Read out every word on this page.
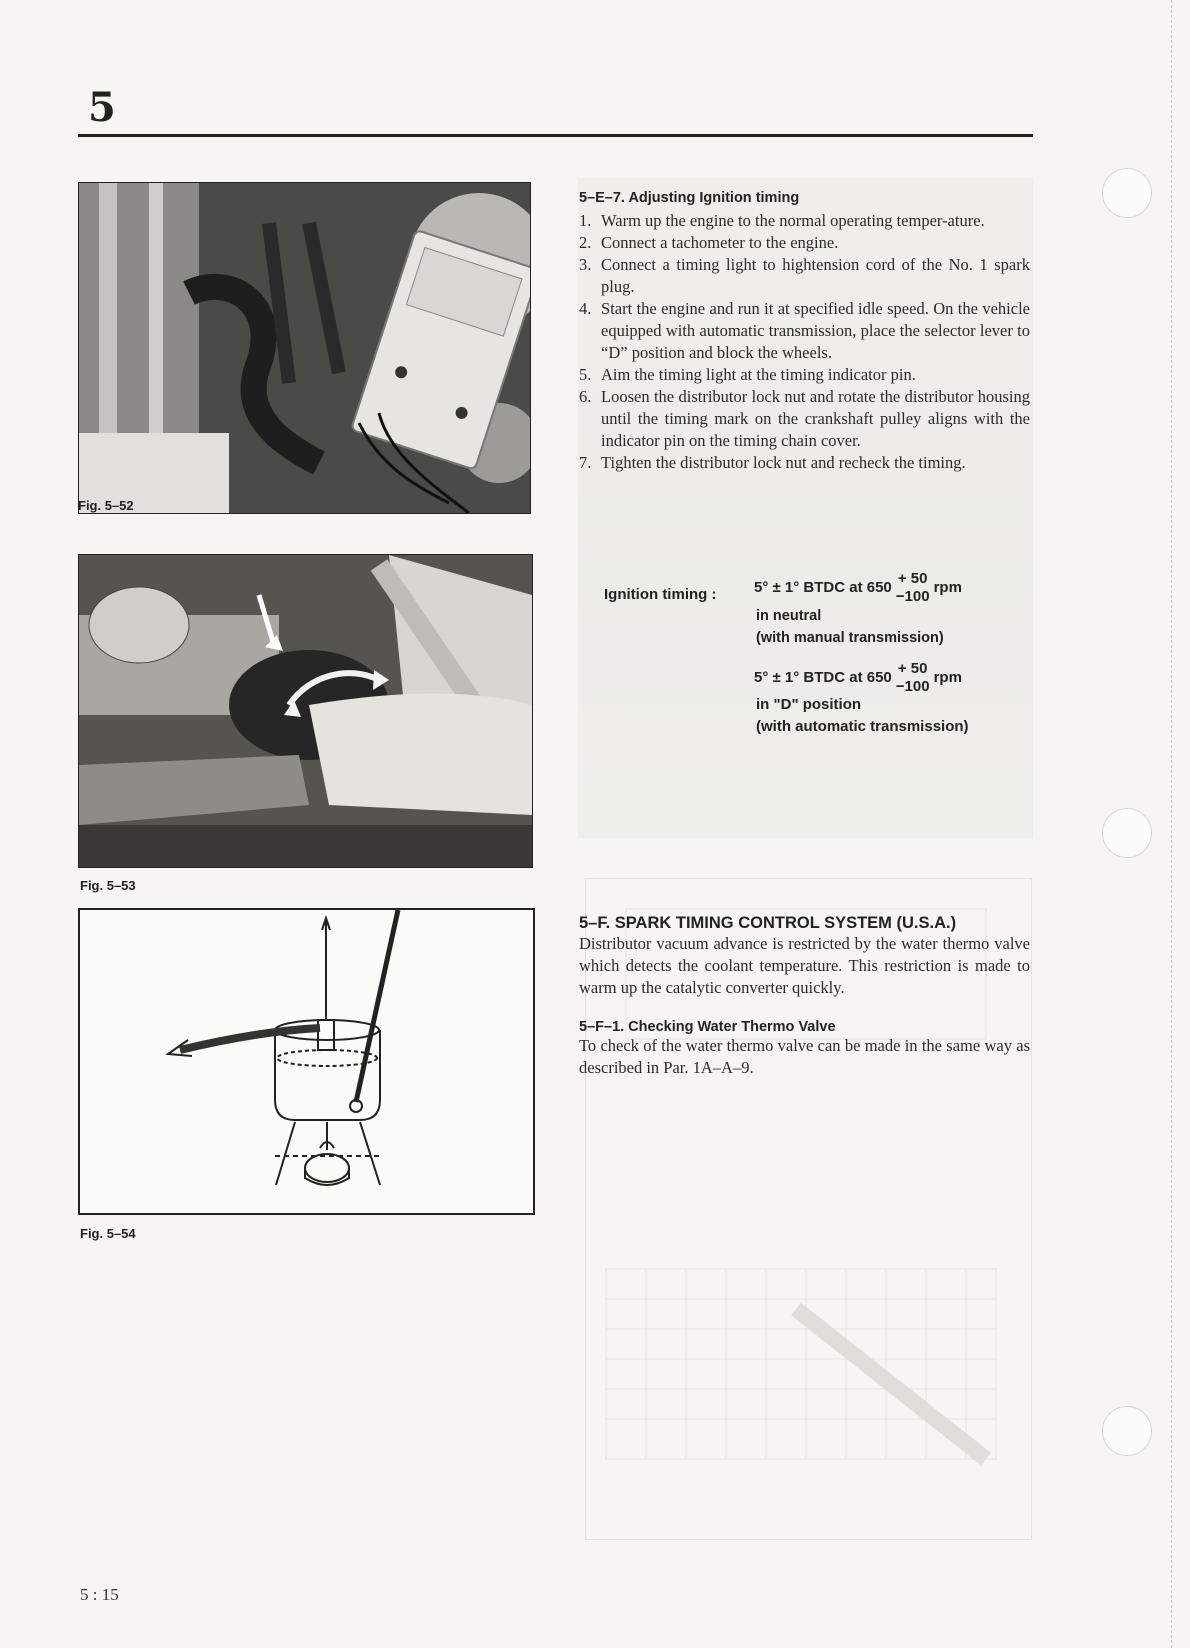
5
Fig. 5–52
Fig. 5–53
Fig. 5–54
5–E–7. Adjusting Ignition timing
1. Warm up the engine to the normal operating temper-ature.
2. Connect a tachometer to the engine.
3. Connect a timing light to hightension cord of the No. 1 spark plug.
4. Start the engine and run it at specified idle speed. On the vehicle equipped with automatic transmission, place the selector lever to “D” position and block the wheels.
5. Aim the timing light at the timing indicator pin.
6. Loosen the distributor lock nut and rotate the distributor housing until the timing mark on the crankshaft pulley aligns with the indicator pin on the timing chain cover.
7. Tighten the distributor lock nut and recheck the timing.
Ignition timing :	5° ± 1° BTDC at 650
+ 50
−100
rpm
in neutral
(with manual transmission)
5° ± 1° BTDC at 650
+ 50
−100
rpm
in "D" position
(with automatic transmission)
5–F. SPARK TIMING CONTROL SYSTEM (U.S.A.)
Distributor vacuum advance is restricted by the water thermo valve which detects the coolant temperature. This restriction is made to warm up the catalytic converter quickly.
5–F–1. Checking Water Thermo Valve
To check of the water thermo valve can be made in the same way as described in Par. 1A–A–9.
5 : 15
